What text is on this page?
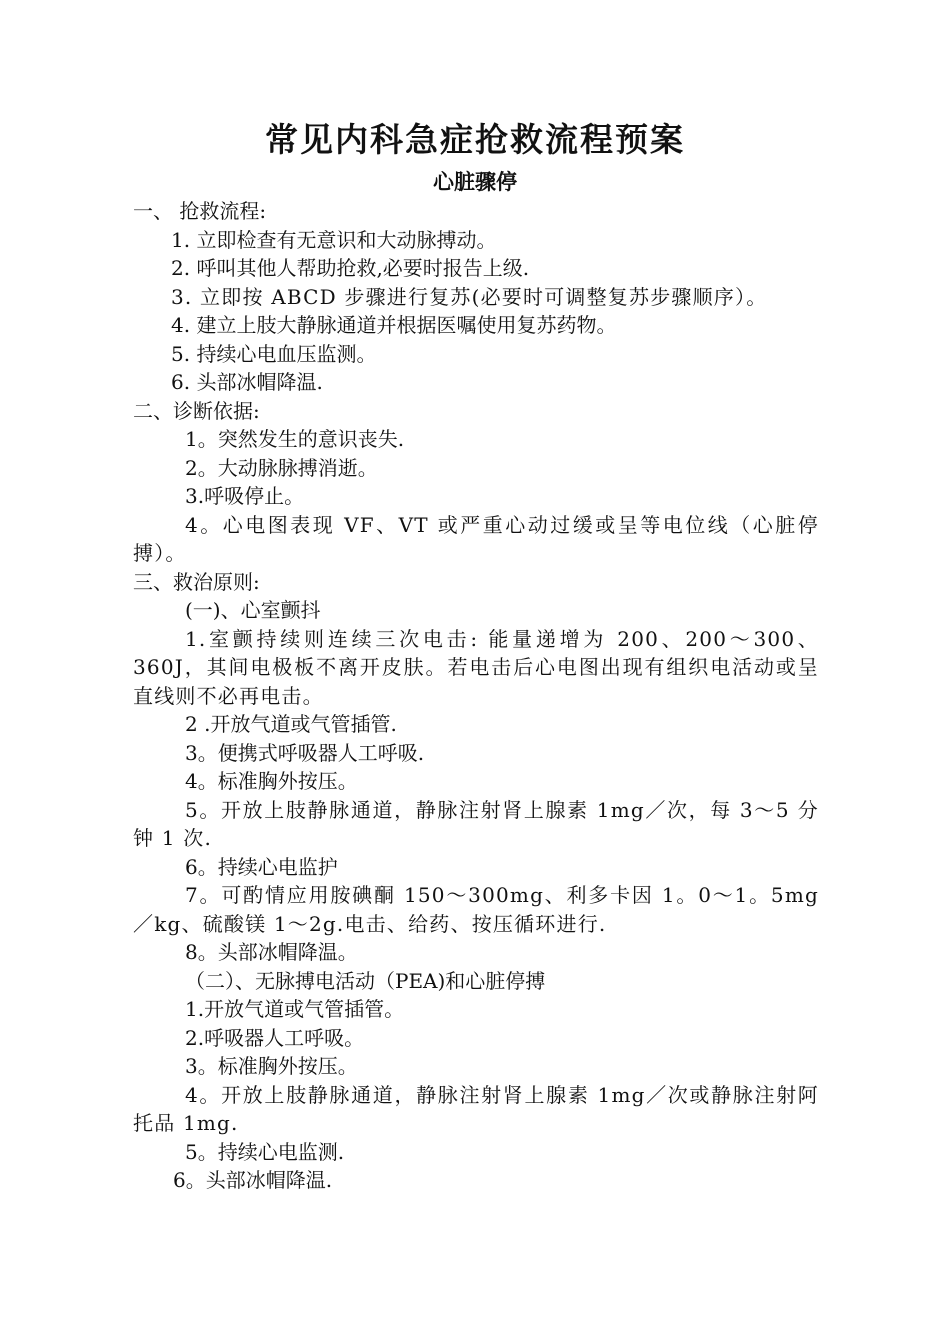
常见内科急症抢救流程预案
心脏骤停
一、 抢救流程:
1. 立即检查有无意识和大动脉搏动。
2. 呼叫其他人帮助抢救,必要时报告上级.
3. 立即按 ABCD 步骤进行复苏(必要时可调整复苏步骤顺序）。
4. 建立上肢大静脉通道并根据医嘱使用复苏药物。
5. 持续心电血压监测。
6. 头部冰帽降温.
二、诊断依据:
1。突然发生的意识丧失.
2。大动脉脉搏消逝。
3.呼吸停止。
4。心电图表现 VF、VT 或严重心动过缓或呈等电位线（心脏停搏）。
三、救治原则:
(一)、心室颤抖
1.室颤持续则连续三次电击: 能量递增为 200、200～300、360J，其间电极板不离开皮肤。若电击后心电图出现有组织电活动或呈直线则不必再电击。
2 .开放气道或气管插管.
3。便携式呼吸器人工呼吸.
4。标准胸外按压。
5。开放上肢静脉通道，静脉注射肾上腺素 1mg／次，每 3～5 分钟 1 次.
6。持续心电监护
7。可酌情应用胺碘酮 150～300mg、利多卡因 1。0～1。5mg／kg、硫酸镁 1～2g.电击、给药、按压循环进行.
8。头部冰帽降温。
（二）、无脉搏电活动（PEA)和心脏停搏
1.开放气道或气管插管。
2.呼吸器人工呼吸。
3。标准胸外按压。
4。开放上肢静脉通道，静脉注射肾上腺素 1mg／次或静脉注射阿托品 1mg.
5。持续心电监测.
6。头部冰帽降温.
